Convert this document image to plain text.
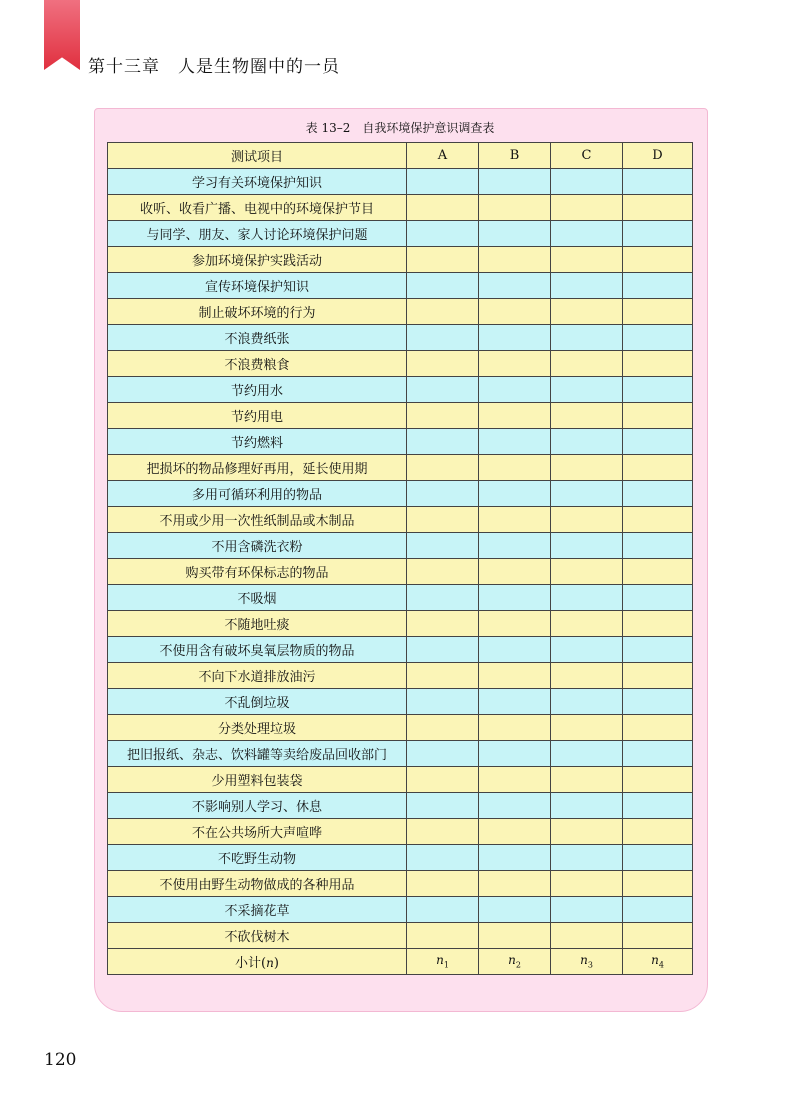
第十三章　人是生物圈中的一员
表 13–2　自我环境保护意识调查表
测试项目	A	B	C	D
学习有关环境保护知识				
收听、收看广播、电视中的环境保护节目				
与同学、朋友、家人讨论环境保护问题				
参加环境保护实践活动				
宣传环境保护知识				
制止破坏环境的行为				
不浪费纸张				
不浪费粮食				
节约用水				
节约用电				
节约燃料				
把损坏的物品修理好再用，延长使用期				
多用可循环利用的物品				
不用或少用一次性纸制品或木制品				
不用含磷洗衣粉				
购买带有环保标志的物品				
不吸烟				
不随地吐痰				
不使用含有破坏臭氧层物质的物品				
不向下水道排放油污				
不乱倒垃圾				
分类处理垃圾				
把旧报纸、杂志、饮料罐等卖给废品回收部门				
少用塑料包装袋				
不影响别人学习、休息				
不在公共场所大声喧哗				
不吃野生动物				
不使用由野生动物做成的各种用品				
不采摘花草				
不砍伐树木				
小计(n)	$n_1$	$n_2$	$n_3$	$n_4$
120
